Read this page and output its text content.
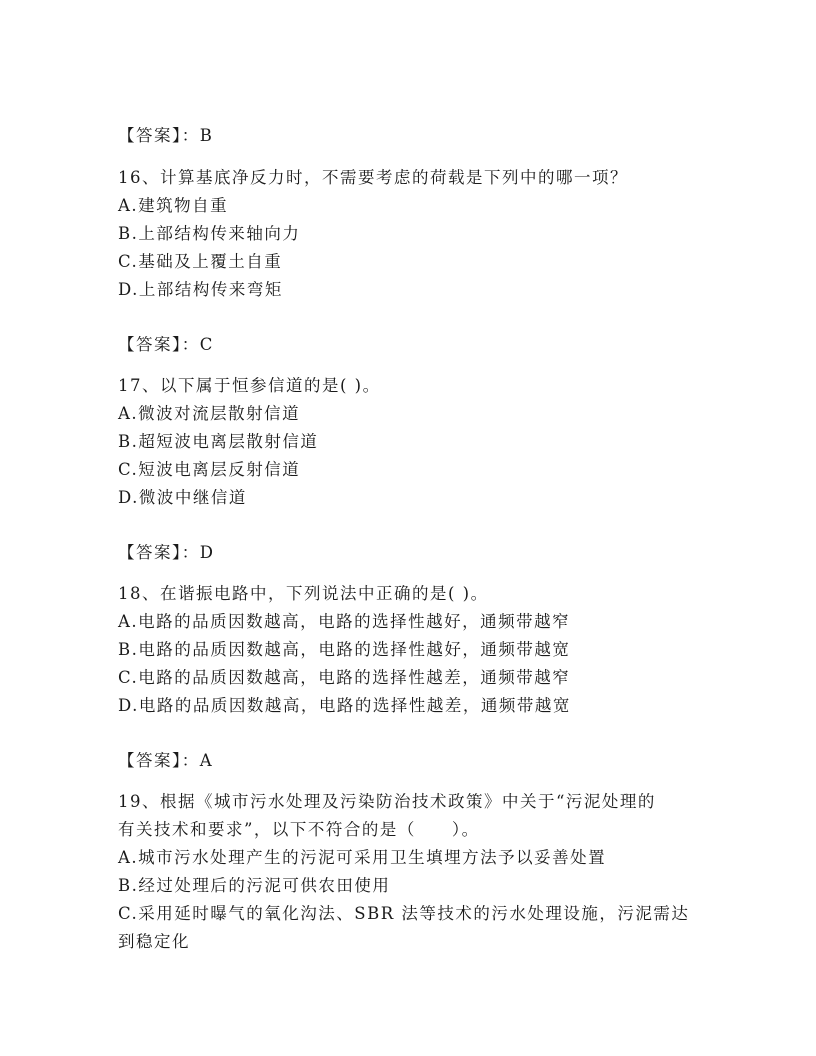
【答案】：B
16、计算基底净反力时，不需要考虑的荷载是下列中的哪一项？
A.建筑物自重
B.上部结构传来轴向力
C.基础及上覆土自重
D.上部结构传来弯矩
【答案】：C
17、以下属于恒参信道的是( )。
A.微波对流层散射信道
B.超短波电离层散射信道
C.短波电离层反射信道
D.微波中继信道
【答案】：D
18、在谐振电路中，下列说法中正确的是( )。
A.电路的品质因数越高，电路的选择性越好，通频带越窄
B.电路的品质因数越高，电路的选择性越好，通频带越宽
C.电路的品质因数越高，电路的选择性越差，通频带越窄
D.电路的品质因数越高，电路的选择性越差，通频带越宽
【答案】：A
19、根据《城市污水处理及污染防治技术政策》中关于“污泥处理的
有关技术和要求”，以下不符合的是（　　）。
A.城市污水处理产生的污泥可采用卫生填埋方法予以妥善处置
B.经过处理后的污泥可供农田使用
C.采用延时曝气的氧化沟法、SBR 法等技术的污水处理设施，污泥需达
到稳定化
